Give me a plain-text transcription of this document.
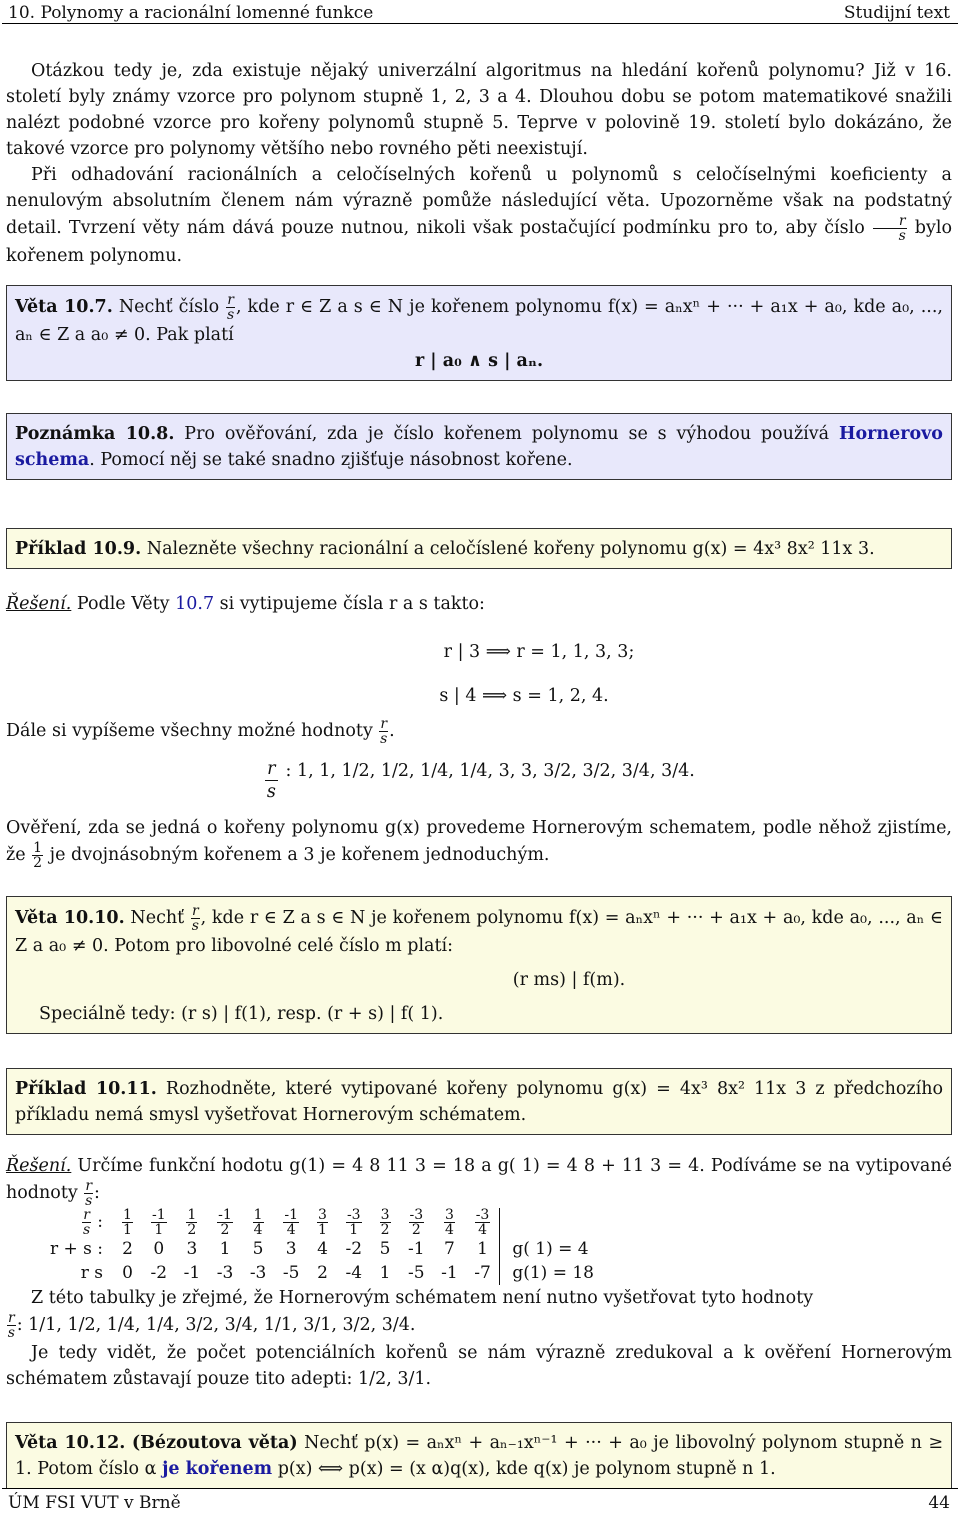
10. Polynomy a racionální lomenné funkce	Studijní text

Otázkou tedy je, zda existuje nějaký univerzální algoritmus na hledání kořenů polynomu? Již v 16. století byly známy vzorce pro polynom stupně 1, 2, 3 a 4. Dlouhou dobu se potom matematikové snažili nalézt podobné vzorce pro kořeny polynomů stupně 5. Teprve v polovině 19. století bylo dokázáno, že takové vzorce pro polynomy většího nebo rovného pěti neexistují.

Při odhadování racionálních a celočíselných kořenů u polynomů s celočíselnými koeficienty a nenulovým absolutním členem nám výrazně pomůže následující věta. Upozorněme však na podstatný detail. Tvrzení věty nám dává pouze nutnou, nikoli však postačující podmínku pro to, aby číslo $\frac{r}{s}$ bylo kořenem polynomu.

Věta 10.7. Nechť číslo $\frac{r}{s}$ , kde r ∈ Z a s ∈ N je kořenem polynomu f(x) = aₙxⁿ + ··· + a₁x + a₀, kde a₀, ..., aₙ ∈ Z a a₀ ≠ 0. Pak platí

r | a₀ ∧ s | aₙ.

Poznámka 10.8. Pro ověřování, zda je číslo kořenem polynomu se s výhodou používá Hornerovo schema. Pomocí něj se také snadno zjišťuje násobnost kořene.

Příklad 10.9. Nalezněte všechny racionální a celočíslené kořeny polynomu g(x) = 4x³ 8x² 11x 3.

Řešení. Podle Věty 10.7 si vytipujeme čísla r a s takto:

r | 3 ⟹ r = 1, 1, 3, 3;
s | 4 ⟹ s = 1, 2, 4.

Dále si vypíšeme všechny možné hodnoty $\frac{r}{s}$ .

r
s
: 1, 1, 1/2, 1/2, 1/4, 1/4, 3, 3, 3/2, 3/2, 3/4, 3/4.

Ověření, zda se jedná o kořeny polynomu g(x) provedeme Hornerovým schematem, podle něhož zjistíme, že $\frac{1}{2}$ je dvojnásobným kořenem a 3 je kořenem jednoduchým.

Věta 10.10. Nechť $\frac{r}{s}$ , kde r ∈ Z a s ∈ N je kořenem polynomu f(x) = aₙxⁿ + ··· + a₁x + a₀, kde a₀, ..., aₙ ∈ Z a a₀ ≠ 0. Potom pro libovolné celé číslo m platí:

(r ms) | f(m).

Speciálně tedy: (r s) | f(1), resp. (r + s) | f( 1).

Příklad 10.11. Rozhodněte, které vytipované kořeny polynomu g(x) = 4x³ 8x² 11x 3 z předchozího příkladu nemá smysl vyšetřovat Hornerovým schématem.

Řešení. Určíme funkční hodotu g(1) = 4 8 11 3 = 18 a g( 1) = 4 8 + 11 3 = 4. Podíváme se na vytipované hodnoty $\frac{r}{s}$ :

$\frac{r}{s}$ :	$\frac{1}{1}$	$\frac{-1}{1}$	$\frac{1}{2}$	$\frac{-1}{2}$	$\frac{1}{4}$	$\frac{-1}{4}$	$\frac{3}{1}$	$\frac{-3}{1}$	$\frac{3}{2}$	$\frac{-3}{2}$	$\frac{3}{4}$	$\frac{-3}{4}$

r + s :	2	0	3	1	5	3	4	-2	5	-1	7	1	g( 1) = 4
r s	0	-2	-1	-3	-3	-5	2	-4	1	-5	-1	-7	g(1) = 18

Z této tabulky je zřejmé, že Hornerovým schématem není nutno vyšetřovat tyto hodnoty

$\frac{r}{s}$ : 1/1, 1/2, 1/4, 1/4, 3/2, 3/4, 1/1, 3/1, 3/2, 3/4.

Je tedy vidět, že počet potenciálních kořenů se nám výrazně zredukoval a k ověření Hornerovým schématem zůstavají pouze tito adepti: 1/2, 3/1.

Věta 10.12. (Bézoutova věta) Nechť p(x) = aₙxⁿ + aₙ₋₁xⁿ⁻¹ + ··· + a₀ je libovolný polynom stupně n ≥ 1. Potom číslo α je kořenem p(x) ⟺ p(x) = (x α)q(x), kde q(x) je polynom stupně n 1.

ÚM FSI VUT v Brně	44
